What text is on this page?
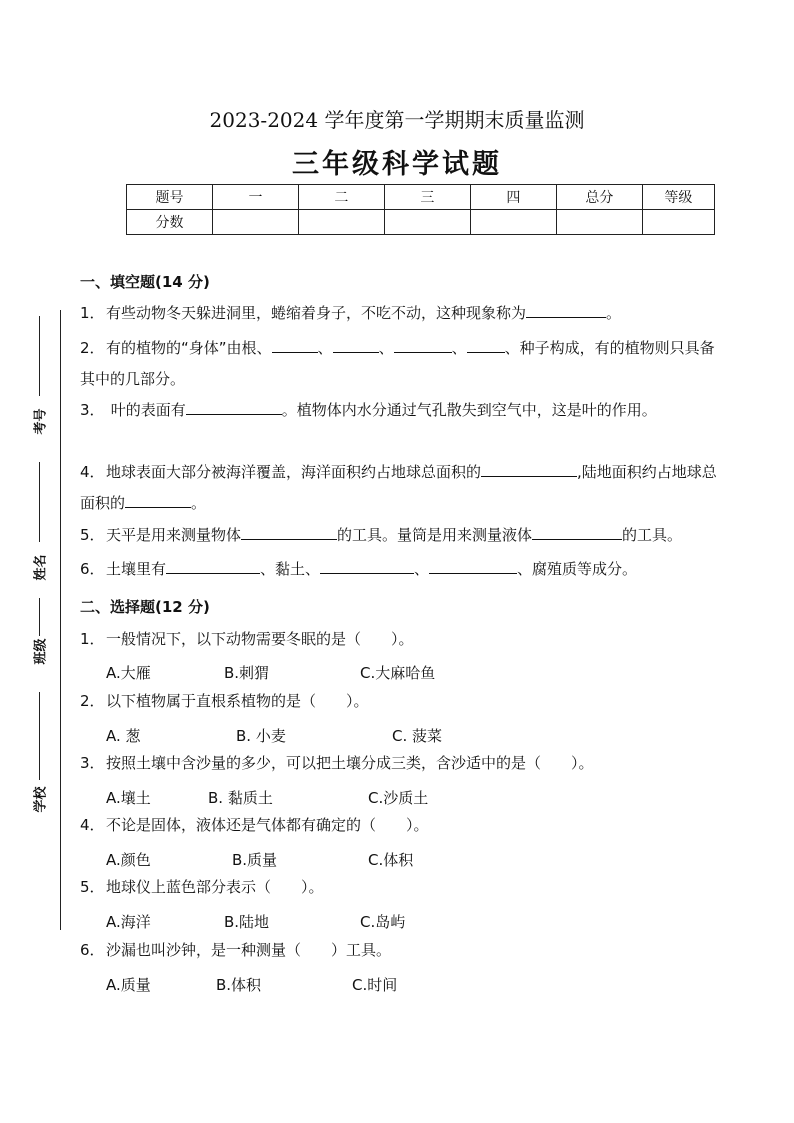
2023-2024 学年度第一学期期末质量监测
三年级科学试题
题号	一	二	三	四	总分	等级
分数						
考号
姓名
班级
学校
一、填空题(14 分)
1．有些动物冬天躲进洞里，蜷缩着身子，不吃不动，这种现象称为	。
2．有的植物的“身体”由根、	、	、	、	、种子构成，有的植物则只具备其中的几部分。
3． 叶的表面有	。植物体内水分通过气孔散失到空气中，这是叶的作用。
4．地球表面大部分被海洋覆盖，海洋面积约占地球总面积的	,陆地面积约占地球总面积的	。
5．天平是用来测量物体	的工具。量筒是用来测量液体	的工具。
6．土壤里有	、黏土、	、	、腐殖质等成分。
二、选择题(12 分)
1．一般情况下，以下动物需要冬眠的是（　　）。
A.大雁	B.刺猬	C.大麻哈鱼
2．以下植物属于直根系植物的是（　　）。
A. 葱	B. 小麦	C. 菠菜
3．按照土壤中含沙量的多少，可以把土壤分成三类，含沙适中的是（　　）。
A.壤土	B. 黏质土	C.沙质土
4．不论是固体，液体还是气体都有确定的（　　）。
A.颜色	B.质量	C.体积
5．地球仪上蓝色部分表示（　　）。
A.海洋	B.陆地	C.岛屿
6．沙漏也叫沙钟，是一种测量（　　）工具。
A.质量	B.体积	C.时间
